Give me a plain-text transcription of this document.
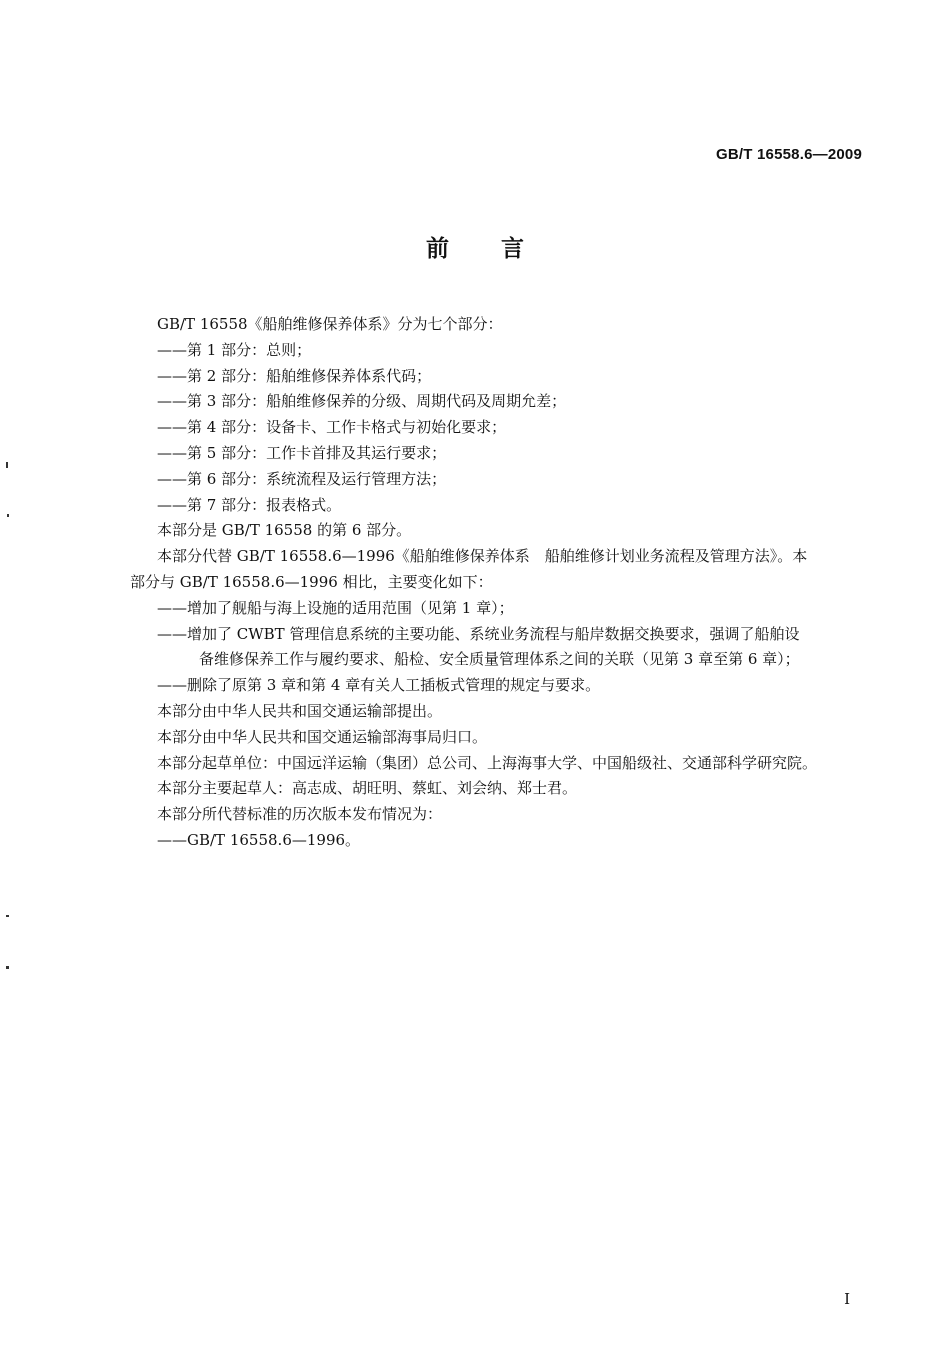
GB/T 16558.6—2009
前言

GB/T 16558《船舶维修保养体系》分为七个部分：

——第 1 部分：总则；

——第 2 部分：船舶维修保养体系代码；

——第 3 部分：船舶维修保养的分级、周期代码及周期允差；

——第 4 部分：设备卡、工作卡格式与初始化要求；

——第 5 部分：工作卡首排及其运行要求；

——第 6 部分：系统流程及运行管理方法；

——第 7 部分：报表格式。

本部分是 GB/T 16558 的第 6 部分。

本部分代替 GB/T 16558.6—1996《船舶维修保养体系　船舶维修计划业务流程及管理方法》。本
部分与 GB/T 16558.6—1996 相比，主要变化如下：

——增加了舰船与海上设施的适用范围（见第 1 章）；

——增加了 CWBT 管理信息系统的主要功能、系统业务流程与船岸数据交换要求，强调了船舶设
备维修保养工作与履约要求、船检、安全质量管理体系之间的关联（见第 3 章至第 6 章）；

——删除了原第 3 章和第 4 章有关人工插板式管理的规定与要求。

本部分由中华人民共和国交通运输部提出。

本部分由中华人民共和国交通运输部海事局归口。

本部分起草单位：中国远洋运输（集团）总公司、上海海事大学、中国船级社、交通部科学研究院。

本部分主要起草人：高志成、胡旺明、蔡虹、刘会纳、郑士君。

本部分所代替标准的历次版本发布情况为：

——GB/T 16558.6—1996。

I
